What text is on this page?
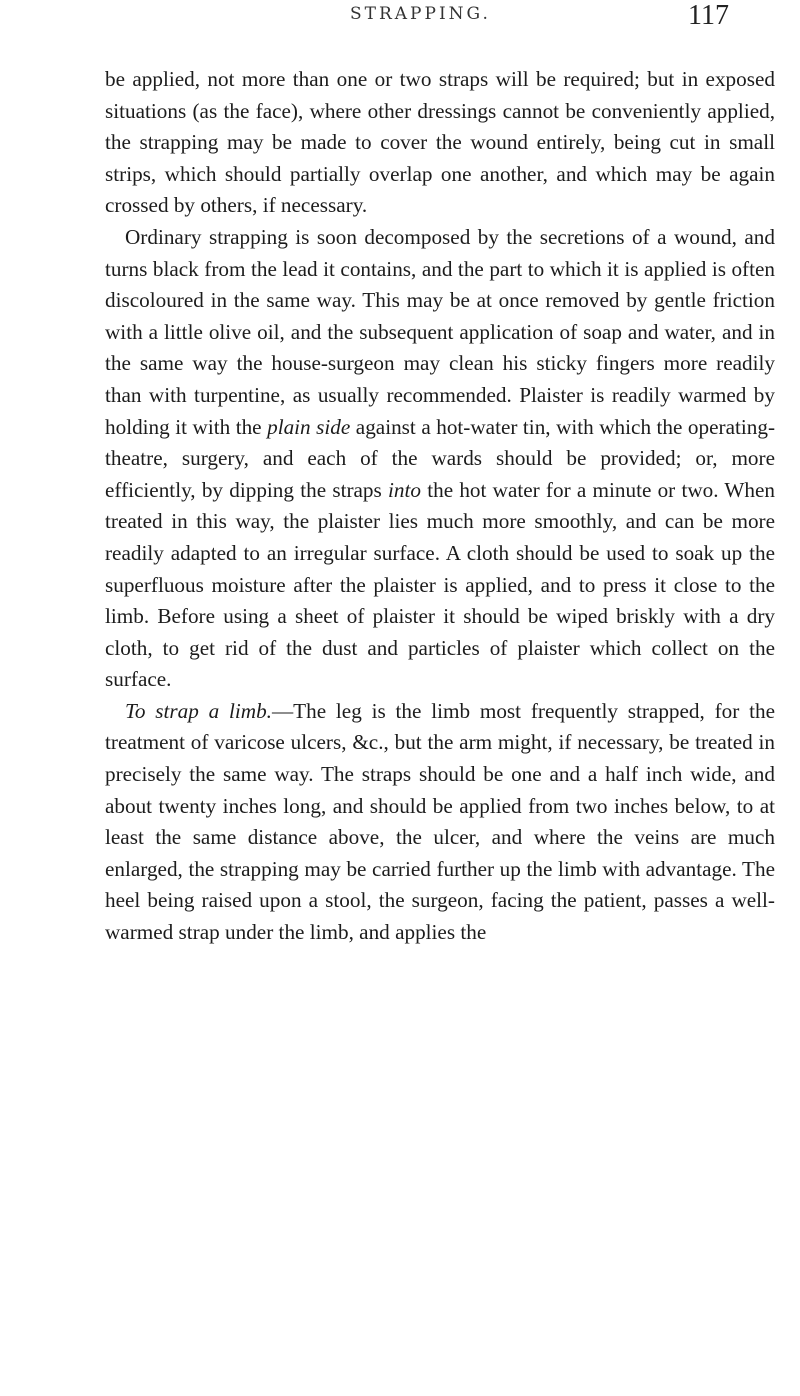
STRAPPING.	117

be applied, not more than one or two straps will be required; but in exposed situations (as the face), where other dressings cannot be conveniently applied, the strapping may be made to cover the wound entirely, being cut in small strips, which should partially overlap one another, and which may be again crossed by others, if necessary.

Ordinary strapping is soon decomposed by the secretions of a wound, and turns black from the lead it contains, and the part to which it is applied is often discoloured in the same way. This may be at once removed by gentle friction with a little olive oil, and the subsequent application of soap and water, and in the same way the house-surgeon may clean his sticky fingers more readily than with turpentine, as usually recommended. Plaister is readily warmed by holding it with the plain side against a hot-water tin, with which the operating-theatre, surgery, and each of the wards should be provided; or, more efficiently, by dipping the straps into the hot water for a minute or two. When treated in this way, the plaister lies much more smoothly, and can be more readily adapted to an irregular surface. A cloth should be used to soak up the superfluous moisture after the plaister is applied, and to press it close to the limb. Before using a sheet of plaister it should be wiped briskly with a dry cloth, to get rid of the dust and particles of plaister which collect on the surface.

To strap a limb.—The leg is the limb most frequently strapped, for the treatment of varicose ulcers, &c., but the arm might, if necessary, be treated in precisely the same way. The straps should be one and a half inch wide, and about twenty inches long, and should be applied from two inches below, to at least the same distance above, the ulcer, and where the veins are much enlarged, the strapping may be carried further up the limb with advantage. The heel being raised upon a stool, the surgeon, facing the patient, passes a well-warmed strap under the limb, and applies the
